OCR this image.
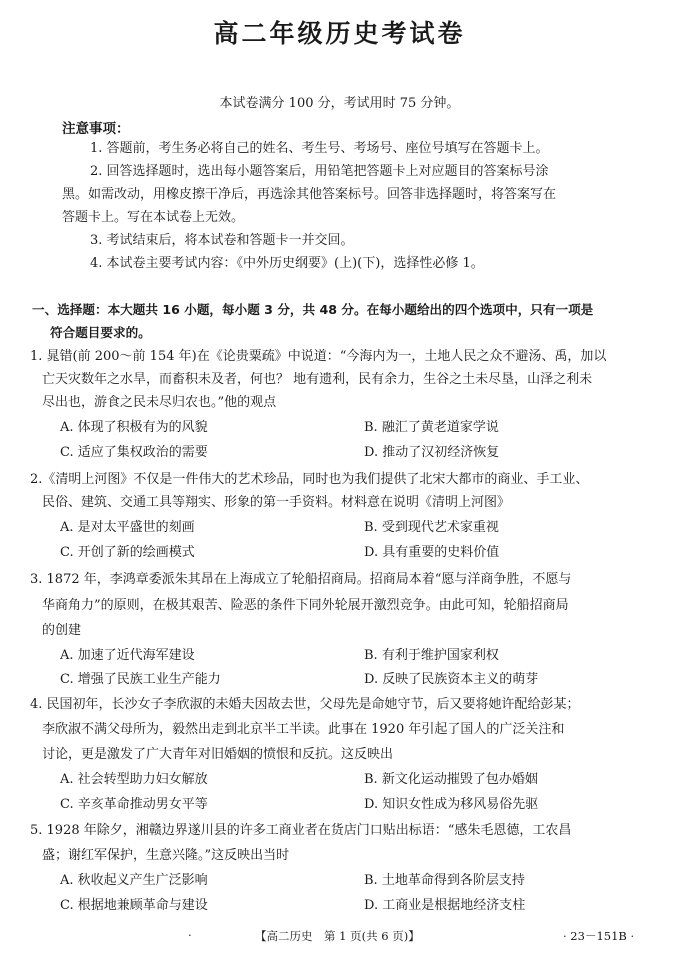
高二年级历史考试卷
本试卷满分 100 分，考试用时 75 分钟。
注意事项：
1. 答题前，考生务必将自己的姓名、考生号、考场号、座位号填写在答题卡上。
2. 回答选择题时，选出每小题答案后，用铅笔把答题卡上对应题目的答案标号涂
黑。如需改动，用橡皮擦干净后，再选涂其他答案标号。回答非选择题时，将答案写在
答题卡上。写在本试卷上无效。
3. 考试结束后，将本试卷和答题卡一并交回。
4. 本试卷主要考试内容：《中外历史纲要》(上)(下)，选择性必修 1。
一、选择题：本大题共 16 小题，每小题 3 分，共 48 分。在每小题给出的四个选项中，只有一项是
符合题目要求的。
1. 晁错(前 200～前 154 年)在《论贵粟疏》中说道：“今海内为一，土地人民之众不避汤、禹，加以
亡天灾数年之水旱，而畜积未及者，何也？ 地有遗利，民有余力，生谷之土未尽垦，山泽之利未
尽出也，游食之民未尽归农也。”他的观点
A. 体现了积极有为的风貌	B. 融汇了黄老道家学说
C. 适应了集权政治的需要	D. 推动了汉初经济恢复
2.《清明上河图》不仅是一件伟大的艺术珍品，同时也为我们提供了北宋大都市的商业、手工业、
民俗、建筑、交通工具等翔实、形象的第一手资料。材料意在说明《清明上河图》
A. 是对太平盛世的刻画	B. 受到现代艺术家重视
C. 开创了新的绘画模式	D. 具有重要的史料价值
3. 1872 年，李鸿章委派朱其昂在上海成立了轮船招商局。招商局本着“愿与洋商争胜，不愿与
华商角力”的原则，在极其艰苦、险恶的条件下同外轮展开激烈竞争。由此可知，轮船招商局
的创建
A. 加速了近代海军建设	B. 有利于维护国家利权
C. 增强了民族工业生产能力	D. 反映了民族资本主义的萌芽
4. 民国初年，长沙女子李欣淑的未婚夫因故去世，父母先是命她守节，后又要将她许配给彭某；
李欣淑不满父母所为，毅然出走到北京半工半读。此事在 1920 年引起了国人的广泛关注和
讨论，更是激发了广大青年对旧婚姻的愤恨和反抗。这反映出
A. 社会转型助力妇女解放	B. 新文化运动摧毁了包办婚姻
C. 辛亥革命推动男女平等	D. 知识女性成为移风易俗先驱
5. 1928 年除夕，湘赣边界遂川县的许多工商业者在货店门口贴出标语：“感朱毛恩德，工农昌
盛；谢红军保护，生意兴隆。”这反映出当时
A. 秋收起义产生广泛影响	B. 土地革命得到各阶层支持
C. 根据地兼顾革命与建设	D. 工商业是根据地经济支柱
·	【高二历史　第 1 页(共 6 页)】	· 23－151B ·
